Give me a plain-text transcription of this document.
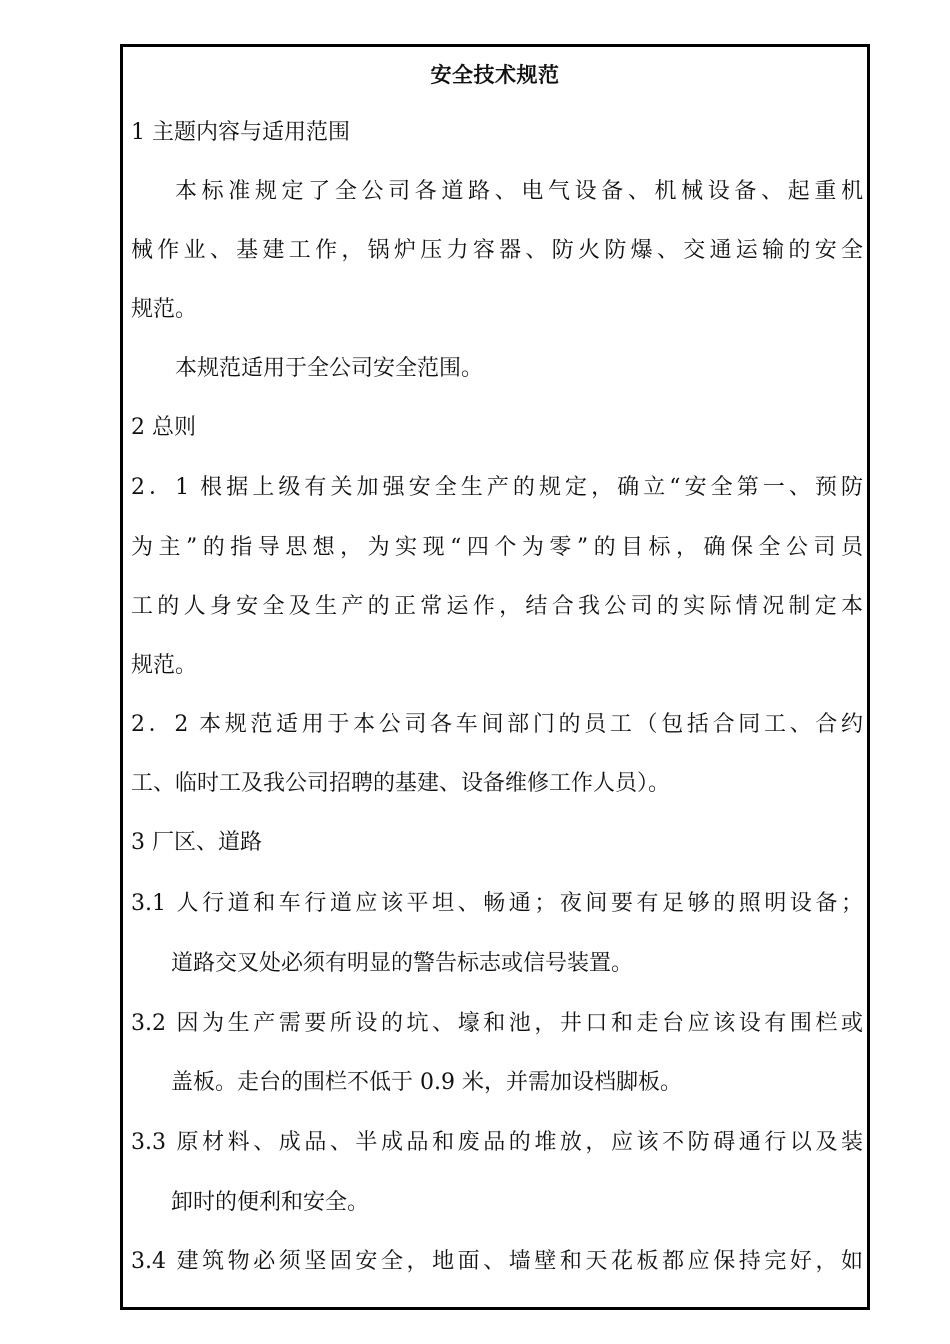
安全技术规范
1 主题内容与适用范围
本标准规定了全公司各道路、电气设备、机械设备、起重机
械作业、基建工作，锅炉压力容器、防火防爆、交通运输的安全
规范。
本规范适用于全公司安全范围。
2 总则
2．1 根据上级有关加强安全生产的规定，确立“安全第一、预防
为主”的指导思想，为实现“四个为零”的目标，确保全公司员
工的人身安全及生产的正常运作，结合我公司的实际情况制定本
规范。
2．2 本规范适用于本公司各车间部门的员工（包括合同工、合约
工、临时工及我公司招聘的基建、设备维修工作人员）。
3 厂区、道路
3.1 人行道和车行道应该平坦、畅通；夜间要有足够的照明设备；
道路交叉处必须有明显的警告标志或信号装置。
3.2 因为生产需要所设的坑、壕和池，井口和走台应该设有围栏或
盖板。走台的围栏不低于 0.9 米，并需加设档脚板。
3.3 原材料、成品、半成品和废品的堆放，应该不防碍通行以及装
卸时的便利和安全。
3.4 建筑物必须坚固安全，地面、墙壁和天花板都应保持完好，如
